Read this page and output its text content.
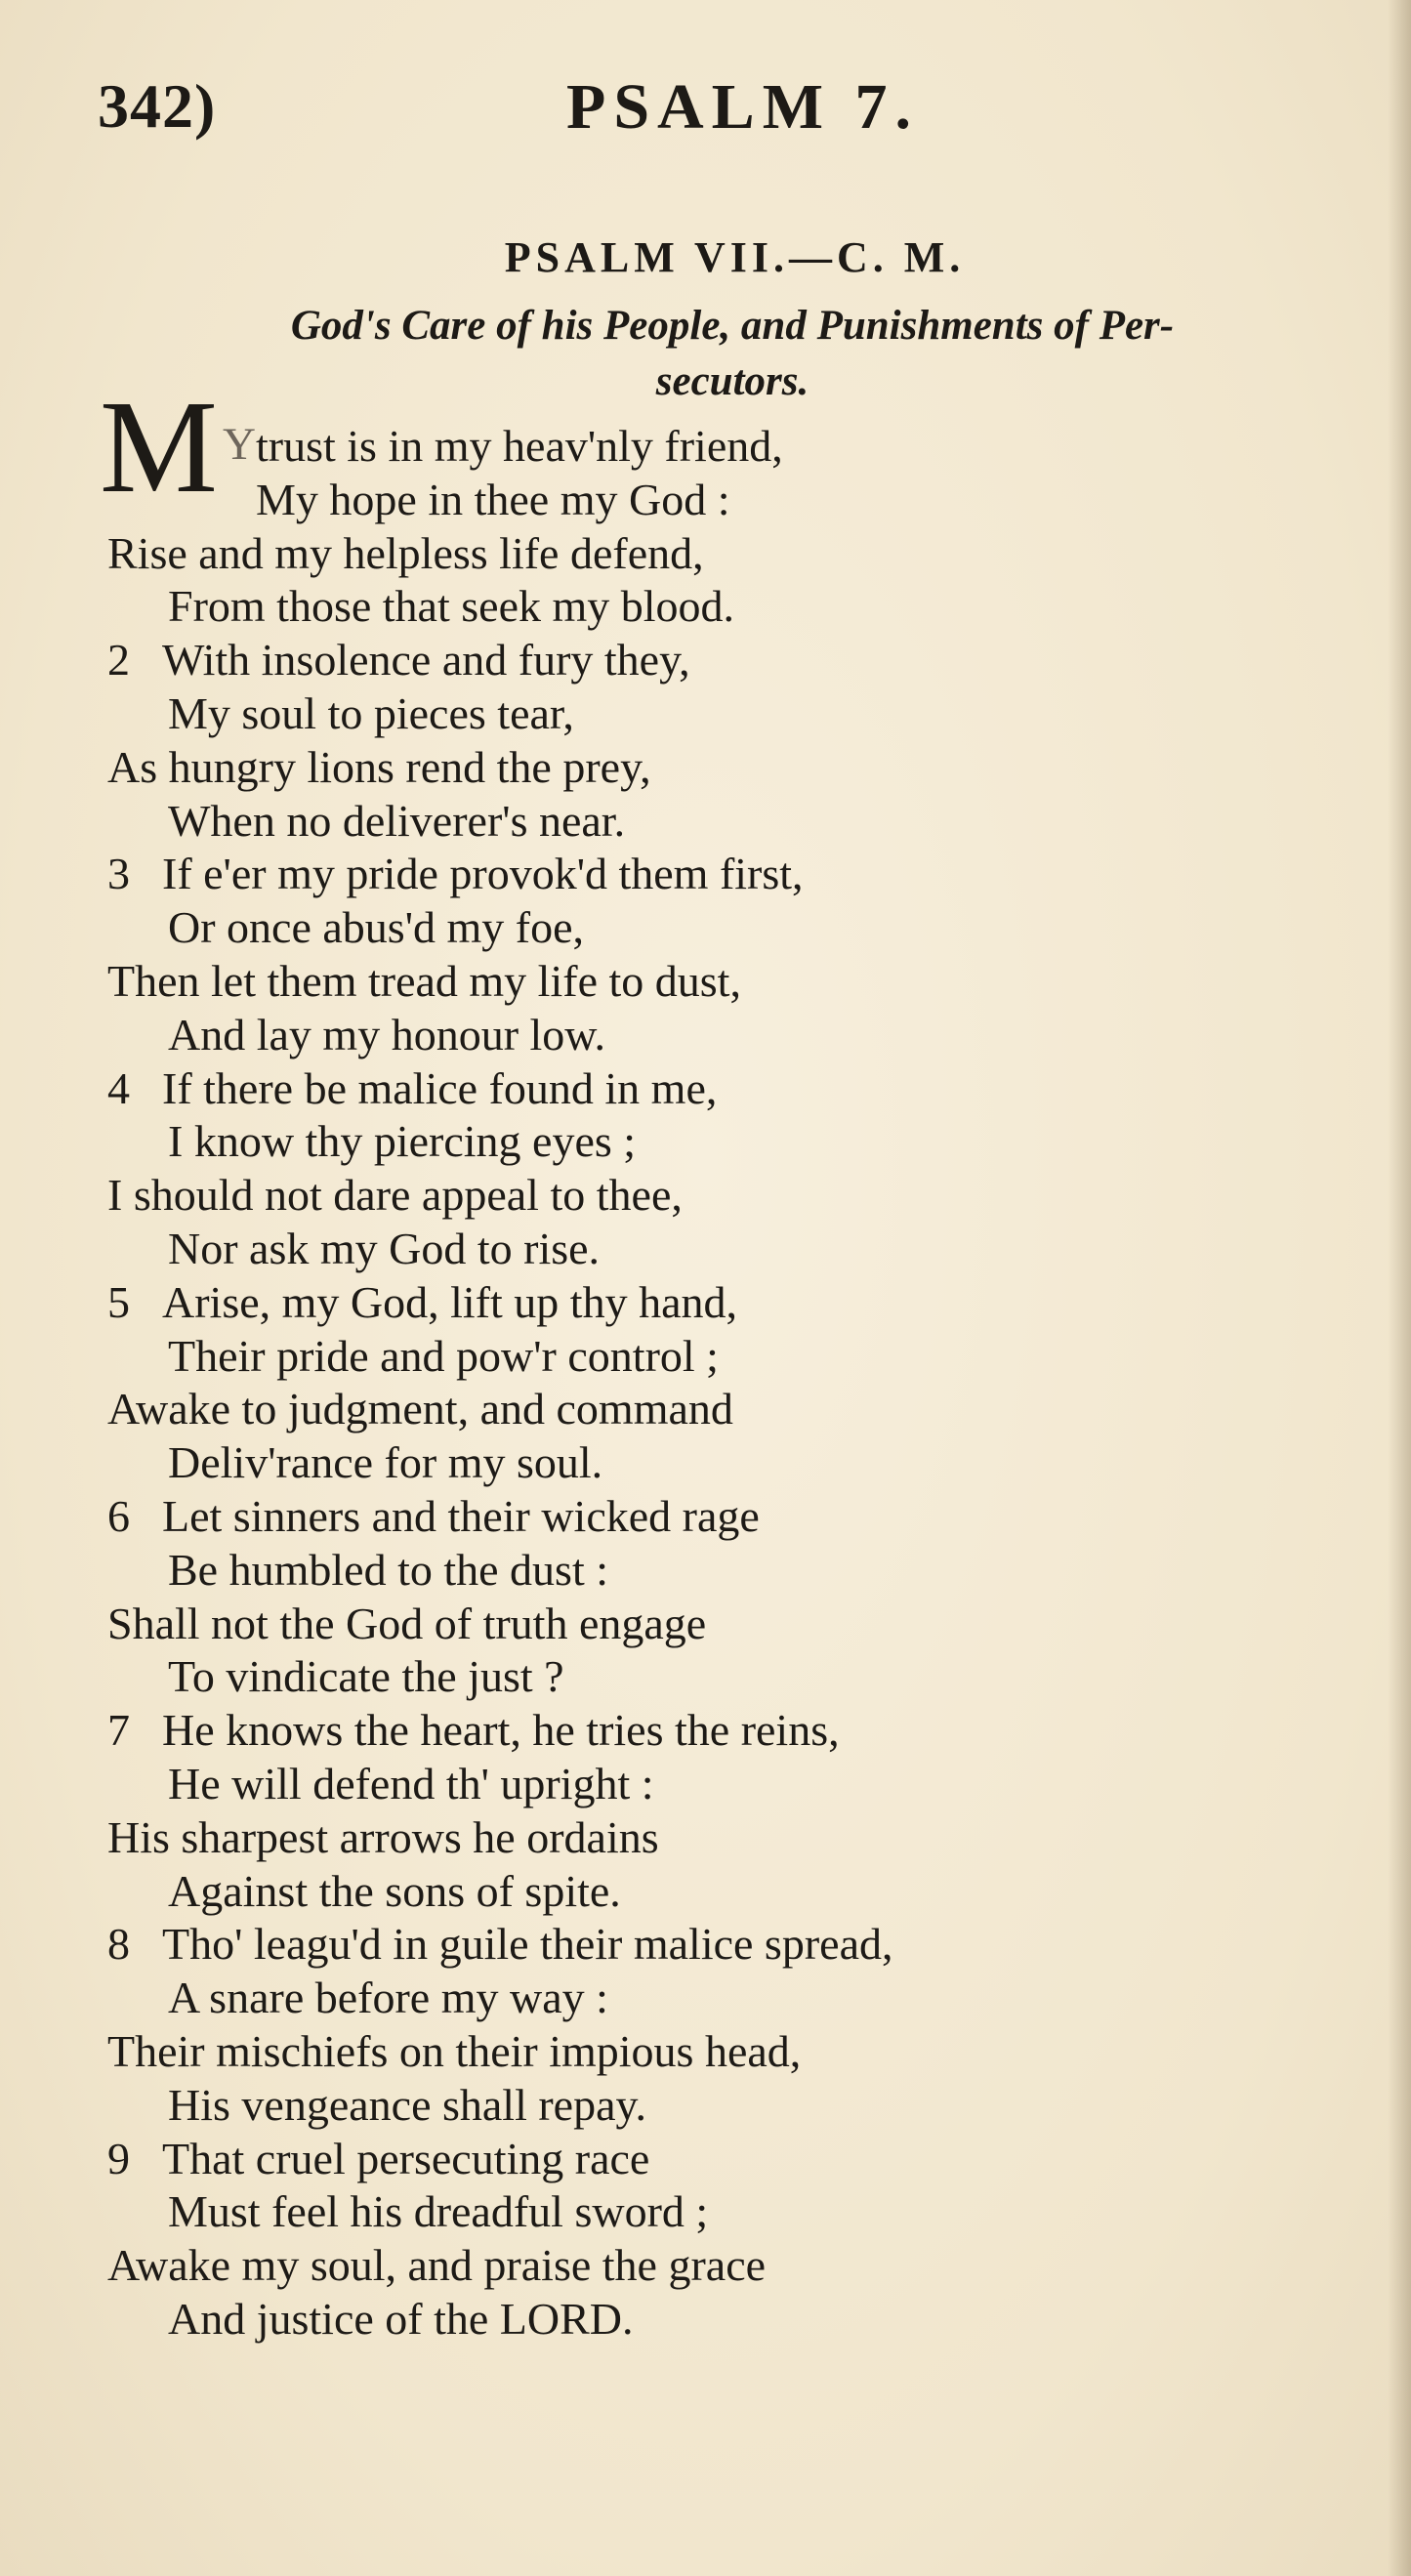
342)	PSALM 7.
PSALM VII.—C. M.
God's Care of his People, and Punishments of Per-
secutors.
M Y trust is in my heav'nly friend,
My hope in thee my God :
Rise and my helpless life defend,
From those that seek my blood.
2 With insolence and fury they,
My soul to pieces tear,
As hungry lions rend the prey,
When no deliverer's near.
3 If e'er my pride provok'd them first,
Or once abus'd my foe,
Then let them tread my life to dust,
And lay my honour low.
4 If there be malice found in me,
I know thy piercing eyes ;
I should not dare appeal to thee,
Nor ask my God to rise.
5 Arise, my God, lift up thy hand,
Their pride and pow'r control ;
Awake to judgment, and command
Deliv'rance for my soul.
6 Let sinners and their wicked rage
Be humbled to the dust :
Shall not the God of truth engage
To vindicate the just ?
7 He knows the heart, he tries the reins,
He will defend th' upright :
His sharpest arrows he ordains
Against the sons of spite.
8 Tho' leagu'd in guile their malice spread,
A snare before my way :
Their mischiefs on their impious head,
His vengeance shall repay.
9 That cruel persecuting race
Must feel his dreadful sword ;
Awake my soul, and praise the grace
And justice of the LORD.
